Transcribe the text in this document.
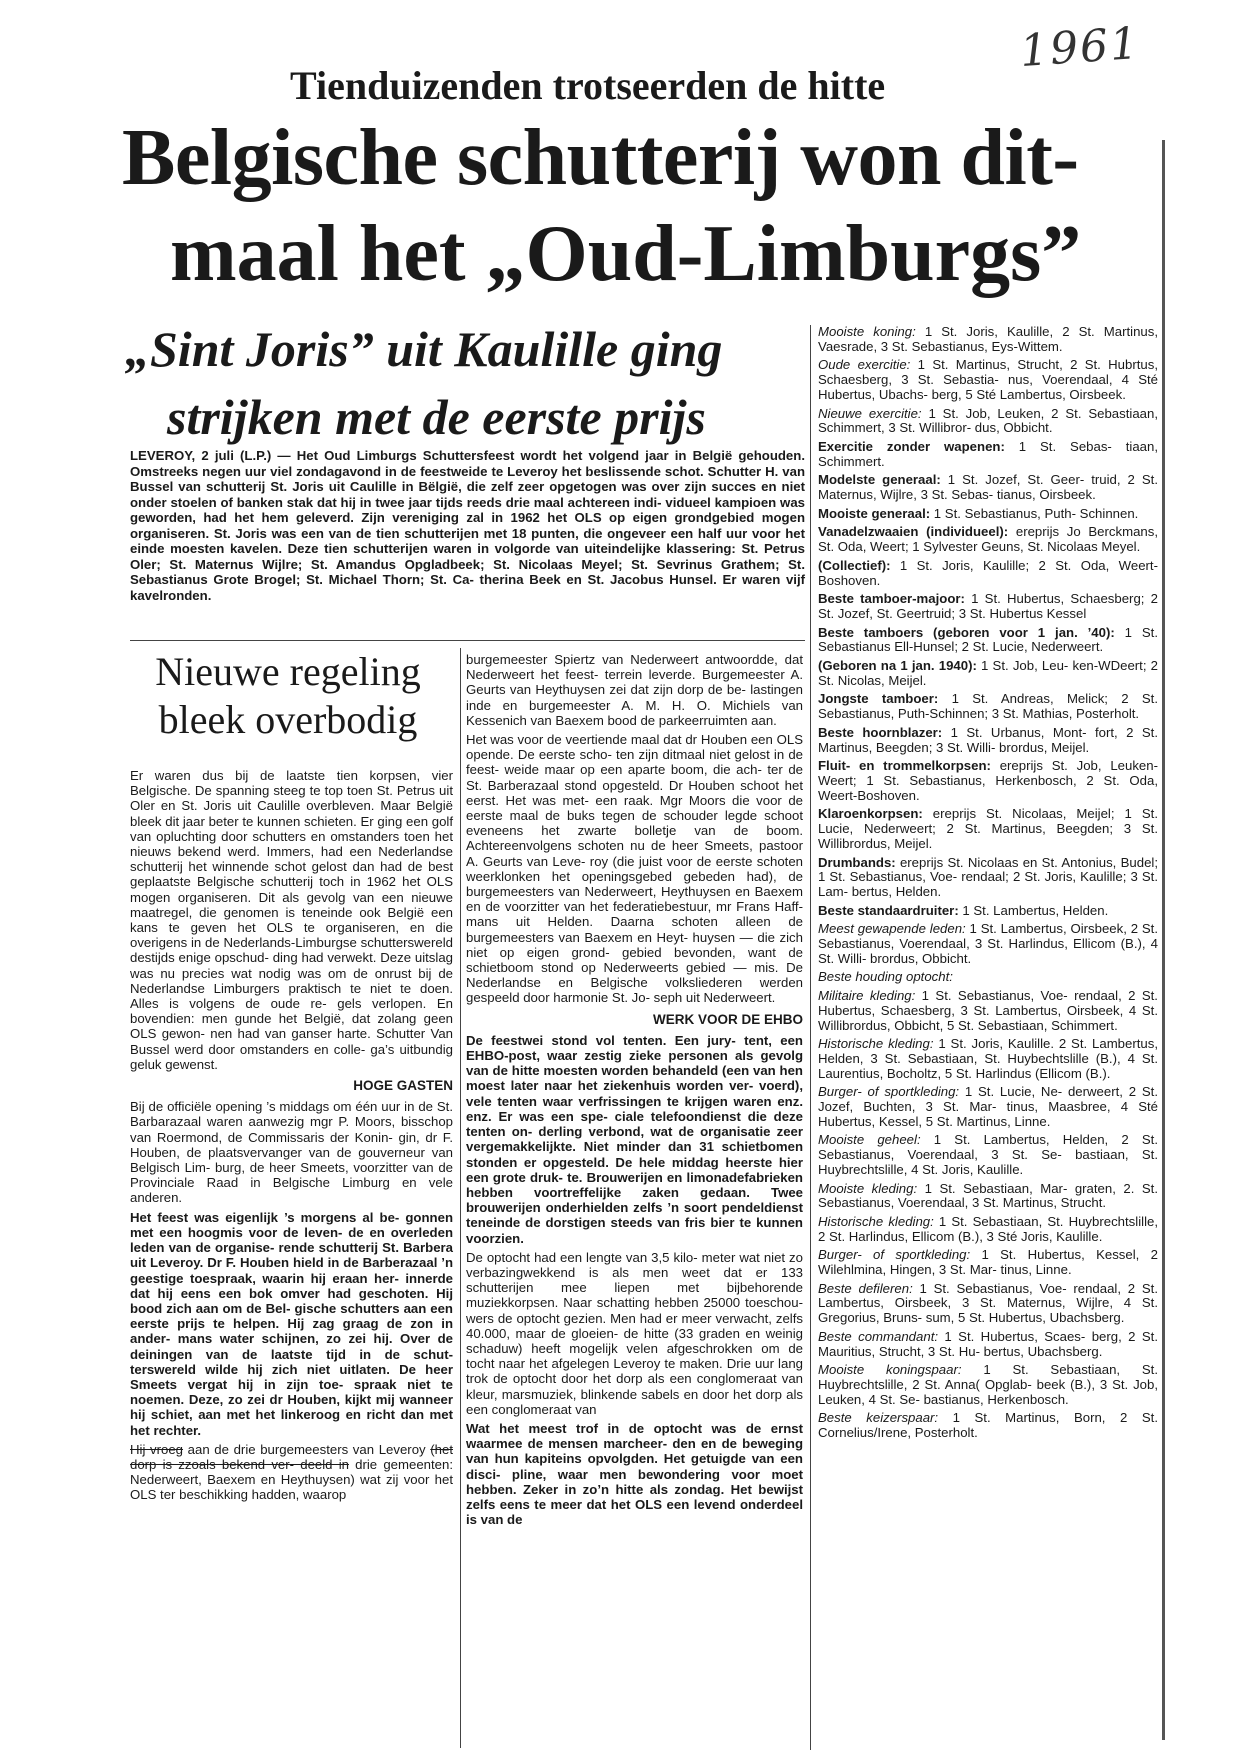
1961
Tienduizenden trotseerden de hitte
Belgische schutterij won dit-
maal het „Oud-Limburgs”
„Sint Joris” uit Kaulille ging
strijken met de eerste prijs
LEVEROY, 2 juli (L.P.) — Het Oud Limburgs Schuttersfeest wordt het volgend jaar in België gehouden. Omstreeks negen uur viel zondagavond in de feestweide te Leveroy het beslissende schot. Schutter H. van Bussel van schutterij St. Joris uit Caulille in Bëlgië, die zelf zeer opgetogen was over zijn succes en niet onder stoelen of banken stak dat hij in twee jaar tijds reeds drie maal achtereen indi- vidueel kampioen was geworden, had het hem geleverd. Zijn vereniging zal in 1962 het OLS op eigen grondgebied mogen organiseren. St. Joris was een van de tien schutterijen met 18 punten, die ongeveer een half uur voor het einde moesten kavelen. Deze tien schutterijen waren in volgorde van uiteindelijke klassering: St. Petrus Oler; St. Maternus Wijlre; St. Amandus Opgladbeek; St. Nicolaas Meyel; St. Sevrinus Grathem; St. Sebastianus Grote Brogel; St. Michael Thorn; St. Ca- therina Beek en St. Jacobus Hunsel. Er waren vijf kavelronden.
Nieuwe regeling
bleek overbodig

Er waren dus bij de laatste tien korpsen, vier Belgische. De spanning steeg te top toen St. Petrus uit Oler en St. Joris uit Caulille overbleven. Maar België bleek dit jaar beter te kunnen schieten. Er ging een golf van opluchting door schutters en omstanders toen het nieuws bekend werd. Immers, had een Nederlandse schutterij het winnende schot gelost dan had de best geplaatste Belgische schutterij toch in 1962 het OLS mogen organiseren. Dit als gevolg van een nieuwe maatregel, die genomen is teneinde ook België een kans te geven het OLS te organiseren, en die overigens in de Nederlands-Limburgse schutterswereld destijds enige opschud- ding had verwekt. Deze uitslag was nu precies wat nodig was om de onrust bij de Nederlandse Limburgers praktisch te niet te doen. Alles is volgens de oude re- gels verlopen. En bovendien: men gunde het België, dat zolang geen OLS gewon- nen had van ganser harte. Schutter Van Bussel werd door omstanders en colle- ga’s uitbundig geluk gewenst.

HOGE GASTEN

Bij de officiële opening ’s middags om één uur in de St. Barbarazaal waren aanwezig mgr P. Moors, bisschop van Roermond, de Commissaris der Konin- gin, dr F. Houben, de plaatsvervanger van de gouverneur van Belgisch Lim- burg, de heer Smeets, voorzitter van de Provinciale Raad in Belgische Limburg en vele anderen.

Het feest was eigenlijk ’s morgens al be- gonnen met een hoogmis voor de leven- de en overleden leden van de organise- rende schutterij St. Barbera uit Leveroy. Dr F. Houben hield in de Barberazaal ’n geestige toespraak, waarin hij eraan her- innerde dat hij eens een bok omver had geschoten. Hij bood zich aan om de Bel- gische schutters aan een eerste prijs te helpen. Hij zag graag de zon in ander- mans water schijnen, zo zei hij. Over de deiningen van de laatste tijd in de schut- terswereld wilde hij zich niet uitlaten. De heer Smeets vergat hij in zijn toe- spraak niet te noemen. Deze, zo zei dr Houben, kijkt mij wanneer hij schiet, aan met het linkeroog en richt dan met het rechter.

Hij vroeg aan de drie burgemeesters van Leveroy (het dorp is zzoals bekend ver- deeld in drie gemeenten: Nederweert, Baexem en Heythuysen) wat zij voor het OLS ter beschikking hadden, waarop

burgemeester Spiertz van Nederweert antwoordde, dat Nederweert het feest- terrein leverde. Burgemeester A. Geurts van Heythuysen zei dat zijn dorp de be- lastingen inde en burgemeester A. M. H. O. Michiels van Kessenich van Baexem bood de parkeerruimten aan.

Het was voor de veertiende maal dat dr Houben een OLS opende. De eerste scho- ten zijn ditmaal niet gelost in de feest- weide maar op een aparte boom, die ach- ter de St. Barberazaal stond opgesteld. Dr Houben schoot het eerst. Het was met- een raak. Mgr Moors die voor de eerste maal de buks tegen de schouder legde schoot eveneens het zwarte bolletje van de boom. Achtereenvolgens schoten nu de heer Smeets, pastoor A. Geurts van Leve- roy (die juist voor de eerste schoten weerklonken het openingsgebed gebeden had), de burgemeesters van Nederweert, Heythuysen en Baexem en de voorzitter van het federatiebestuur, mr Frans Haff- mans uit Helden. Daarna schoten alleen de burgemeesters van Baexem en Heyt- huysen — die zich niet op eigen grond- gebied bevonden, want de schietboom stond op Nederweerts gebied — mis. De Nederlandse en Belgische volksliederen werden gespeeld door harmonie St. Jo- seph uit Nederweert.

WERK VOOR DE EHBO

De feestwei stond vol tenten. Een jury- tent, een EHBO-post, waar zestig zieke personen als gevolg van de hitte moesten worden behandeld (een van hen moest later naar het ziekenhuis worden ver- voerd), vele tenten waar verfrissingen te krijgen waren enz. enz. Er was een spe- ciale telefoondienst die deze tenten on- derling verbond, wat de organisatie zeer vergemakkelijkte. Niet minder dan 31 schietbomen stonden er opgesteld. De hele middag heerste hier een grote druk- te. Brouwerijen en limonadefabrieken hebben voortreffelijke zaken gedaan. Twee brouwerijen onderhielden zelfs ’n soort pendeldienst teneinde de dorstigen steeds van fris bier te kunnen voorzien.

De optocht had een lengte van 3,5 kilo- meter wat niet zo verbazingwekkend is als men weet dat er 133 schutterijen mee liepen met bijbehorende muziekkorpsen. Naar schatting hebben 25000 toeschou- wers de optocht gezien. Men had er meer verwacht, zelfs 40.000, maar de gloeien- de hitte (33 graden en weinig schaduw) heeft mogelijk velen afgeschrokken om de tocht naar het afgelegen Leveroy te maken. Drie uur lang trok de optocht door het dorp als een conglomeraat van kleur, marsmuziek, blinkende sabels en door het dorp als een conglomeraat van

Wat het meest trof in de optocht was de ernst waarmee de mensen marcheer- den en de beweging van hun kapiteins opvolgden. Het getuigde van een disci- pline, waar men bewondering voor moet hebben. Zeker in zo’n hitte als zondag. Het bewijst zelfs eens te meer dat het OLS een levend onderdeel is van de

Mooiste koning: 1 St. Joris, Kaulille, 2 St. Martinus, Vaesrade, 3 St. Sebastianus, Eys-Wittem.

Oude exercitie: 1 St. Martinus, Strucht, 2 St. Hubrtus, Schaesberg, 3 St. Sebastia- nus, Voerendaal, 4 Sté Hubertus, Ubachs- berg, 5 Sté Lambertus, Oirsbeek.

Nieuwe exercitie: 1 St. Job, Leuken, 2 St. Sebastiaan, Schimmert, 3 St. Willibror- dus, Obbicht.

Exercitie zonder wapenen: 1 St. Sebas- tiaan, Schimmert.

Modelste generaal: 1 St. Jozef, St. Geer- truid, 2 St. Maternus, Wijlre, 3 St. Sebas- tianus, Oirsbeek.

Mooiste generaal: 1 St. Sebastianus, Puth- Schinnen.

Vanadelzwaaien (individueel): ereprijs Jo Berckmans, St. Oda, Weert; 1 Sylvester Geuns, St. Nicolaas Meyel.

(Collectief): 1 St. Joris, Kaulille; 2 St. Oda, Weert-Boshoven.

Beste tamboer-majoor: 1 St. Hubertus, Schaesberg; 2 St. Jozef, St. Geertruid; 3 St. Hubertus Kessel

Beste tamboers (geboren voor 1 jan. ’40): 1 St. Sebastianus Ell-Hunsel; 2 St. Lucie, Nederweert.

(Geboren na 1 jan. 1940): 1 St. Job, Leu- ken-WDeert; 2 St. Nicolas, Meijel.

Jongste tamboer: 1 St. Andreas, Melick; 2 St. Sebastianus, Puth-Schinnen; 3 St. Mathias, Posterholt.

Beste hoornblazer: 1 St. Urbanus, Mont- fort, 2 St. Martinus, Beegden; 3 St. Willi- brordus, Meijel.

Fluit- en trommelkorpsen: ereprijs St. Job, Leuken-Weert; 1 St. Sebastianus, Herkenbosch, 2 St. Oda, Weert-Boshoven.

Klaroenkorpsen: ereprijs St. Nicolaas, Meijel; 1 St. Lucie, Nederweert; 2 St. Martinus, Beegden; 3 St. Willibrordus, Meijel.

Drumbands: ereprijs St. Nicolaas en St. Antonius, Budel; 1 St. Sebastianus, Voe- rendaal; 2 St. Joris, Kaulille; 3 St. Lam- bertus, Helden.

Beste standaardruiter: 1 St. Lambertus, Helden.

Meest gewapende leden: 1 St. Lambertus, Oirsbeek, 2 St. Sebastianus, Voerendaal, 3 St. Harlindus, Ellicom (B.), 4 St. Willi- brordus, Obbicht.

Beste houding optocht:

Militaire kleding: 1 St. Sebastianus, Voe- rendaal, 2 St. Hubertus, Schaesberg, 3 St. Lambertus, Oirsbeek, 4 St. Willibrordus, Obbicht, 5 St. Sebastiaan, Schimmert.

Historische kleding: 1 St. Joris, Kaulille. 2 St. Lambertus, Helden, 3 St. Sebastiaan, St. Huybechtslille (B.), 4 St. Laurentius, Bocholtz, 5 St. Harlindus (Ellicom (B.).

Burger- of sportkleding: 1 St. Lucie, Ne- derweert, 2 St. Jozef, Buchten, 3 St. Mar- tinus, Maasbree, 4 Sté Hubertus, Kessel, 5 St. Martinus, Linne.

Mooiste geheel: 1 St. Lambertus, Helden, 2 St. Sebastianus, Voerendaal, 3 St. Se- bastiaan, St. Huybrechtslille, 4 St. Joris, Kaulille.

Mooiste kleding: 1 St. Sebastiaan, Mar- graten, 2. St. Sebastianus, Voerendaal, 3 St. Martinus, Strucht.

Historische kleding: 1 St. Sebastiaan, St. Huybrechtslille, 2 St. Harlindus, Ellicom (B.), 3 Sté Joris, Kaulille.

Burger- of sportkleding: 1 St. Hubertus, Kessel, 2 Wilehlmina, Hingen, 3 St. Mar- tinus, Linne.

Beste defileren: 1 St. Sebastianus, Voe- rendaal, 2 St. Lambertus, Oirsbeek, 3 St. Maternus, Wijlre, 4 St. Gregorius, Bruns- sum, 5 St. Hubertus, Ubachsberg.

Beste commandant: 1 St. Hubertus, Scaes- berg, 2 St. Mauritius, Strucht, 3 St. Hu- bertus, Ubachsberg.

Mooiste koningspaar: 1 St. Sebastiaan, St. Huybrechtslille, 2 St. Anna( Opglab- beek (B.), 3 St. Job, Leuken, 4 St. Se- bastianus, Herkenbosch.

Beste keizerspaar: 1 St. Martinus, Born, 2 St. Cornelius/Irene, Posterholt.
